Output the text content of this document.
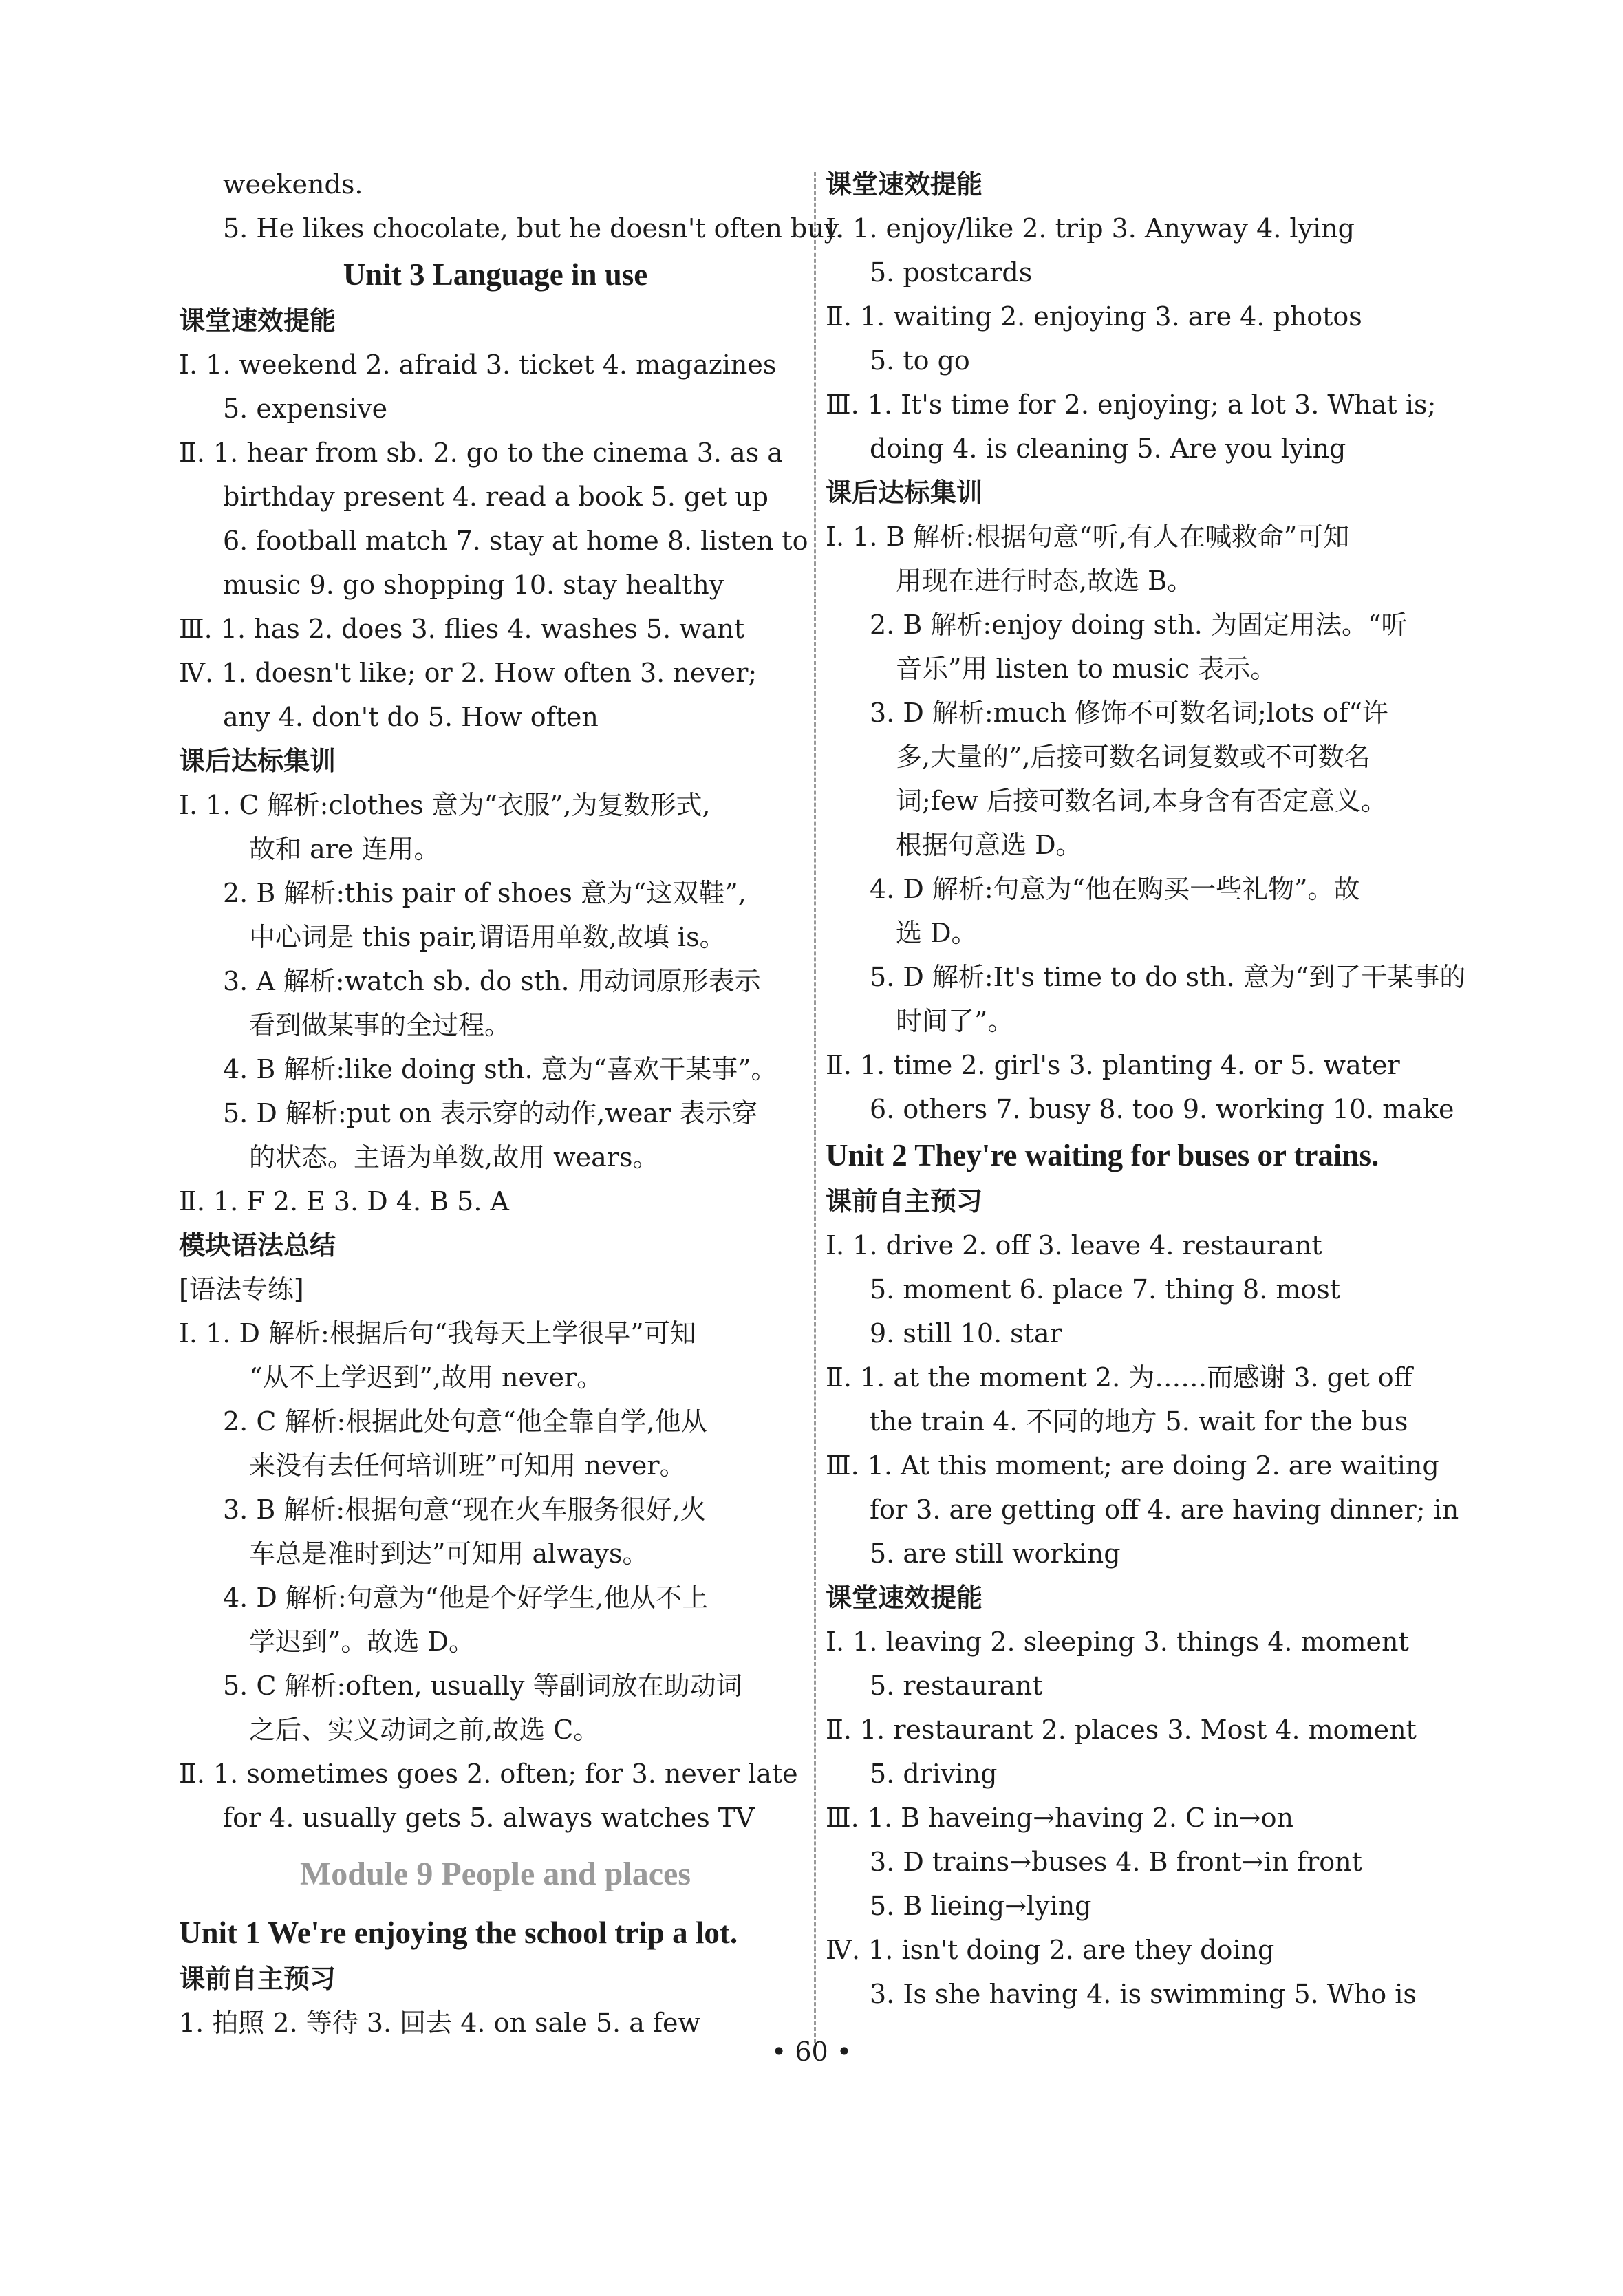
weekends.
5. He likes chocolate, but he doesn't often buy.
Unit 3 Language in use
课堂速效提能
Ⅰ. 1. weekend 2. afraid 3. ticket 4. magazines
5. expensive
Ⅱ. 1. hear from sb. 2. go to the cinema 3. as a
birthday present 4. read a book 5. get up
6. football match 7. stay at home 8. listen to
music 9. go shopping 10. stay healthy
Ⅲ. 1. has 2. does 3. flies 4. washes 5. want
Ⅳ. 1. doesn't like; or 2. How often 3. never;
any 4. don't do 5. How often
课后达标集训
Ⅰ. 1. C 解析:clothes 意为“衣服”,为复数形式,
故和 are 连用。
2. B 解析:this pair of shoes 意为“这双鞋”,
中心词是 this pair,谓语用单数,故填 is。
3. A 解析:watch sb. do sth. 用动词原形表示
看到做某事的全过程。
4. B 解析:like doing sth. 意为“喜欢干某事”。
5. D 解析:put on 表示穿的动作,wear 表示穿
的状态。主语为单数,故用 wears。
Ⅱ. 1. F 2. E 3. D 4. B 5. A
模块语法总结
[语法专练]
Ⅰ. 1. D 解析:根据后句“我每天上学很早”可知
“从不上学迟到”,故用 never。
2. C 解析:根据此处句意“他全靠自学,他从
来没有去任何培训班”可知用 never。
3. B 解析:根据句意“现在火车服务很好,火
车总是准时到达”可知用 always。
4. D 解析:句意为“他是个好学生,他从不上
学迟到”。故选 D。
5. C 解析:often, usually 等副词放在助动词
之后、实义动词之前,故选 C。
Ⅱ. 1. sometimes goes 2. often; for 3. never late
for 4. usually gets 5. always watches TV
Module 9 People and places
Unit 1 We're enjoying the school trip a lot.
课前自主预习
1. 拍照 2. 等待 3. 回去 4. on sale 5. a few
课堂速效提能
Ⅰ. 1. enjoy/like 2. trip 3. Anyway 4. lying
5. postcards
Ⅱ. 1. waiting 2. enjoying 3. are 4. photos
5. to go
Ⅲ. 1. It's time for 2. enjoying; a lot 3. What is;
doing 4. is cleaning 5. Are you lying
课后达标集训
Ⅰ. 1. B 解析:根据句意“听,有人在喊救命”可知
用现在进行时态,故选 B。
2. B 解析:enjoy doing sth. 为固定用法。“听
音乐”用 listen to music 表示。
3. D 解析:much 修饰不可数名词;lots of“许
多,大量的”,后接可数名词复数或不可数名
词;few 后接可数名词,本身含有否定意义。
根据句意选 D。
4. D 解析:句意为“他在购买一些礼物”。故
选 D。
5. D 解析:It's time to do sth. 意为“到了干某事的
时间了”。
Ⅱ. 1. time 2. girl's 3. planting 4. or 5. water
6. others 7. busy 8. too 9. working 10. make
Unit 2 They're waiting for buses or trains.
课前自主预习
Ⅰ. 1. drive 2. off 3. leave 4. restaurant
5. moment 6. place 7. thing 8. most
9. still 10. star
Ⅱ. 1. at the moment 2. 为……而感谢 3. get off
the train 4. 不同的地方 5. wait for the bus
Ⅲ. 1. At this moment; are doing 2. are waiting
for 3. are getting off 4. are having dinner; in
5. are still working
课堂速效提能
Ⅰ. 1. leaving 2. sleeping 3. things 4. moment
5. restaurant
Ⅱ. 1. restaurant 2. places 3. Most 4. moment
5. driving
Ⅲ. 1. B haveing→having 2. C in→on
3. D trains→buses 4. B front→in front
5. B lieing→lying
Ⅳ. 1. isn't doing 2. are they doing
3. Is she having 4. is swimming 5. Who is
• 60 •
